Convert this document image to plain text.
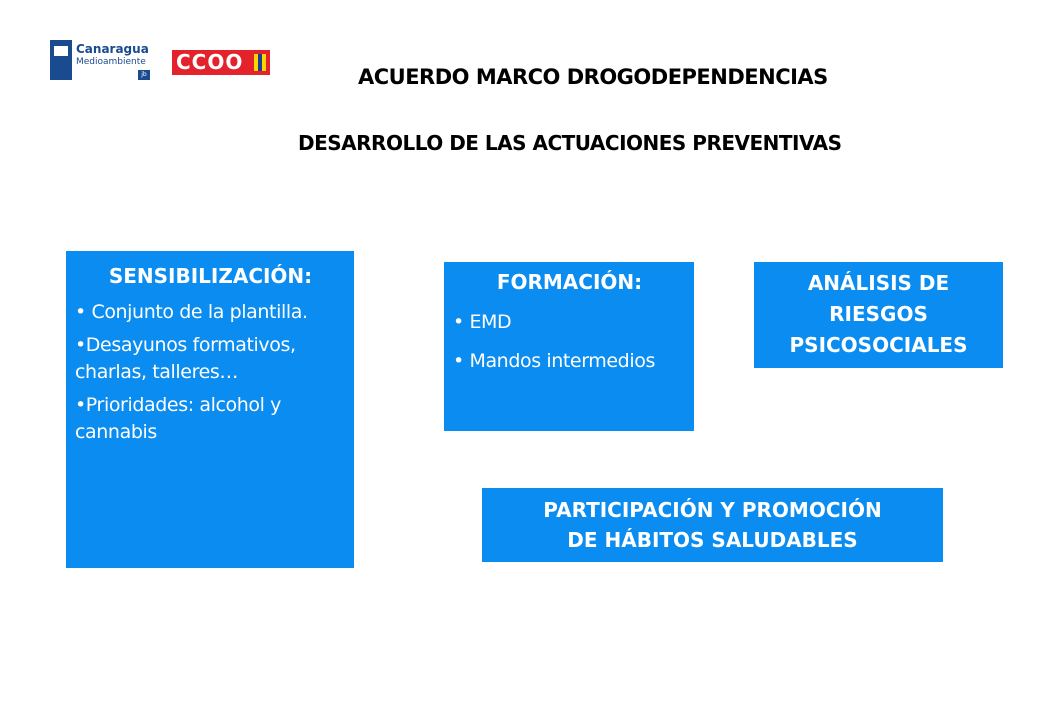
Canaragua
Medioambiente
jb
CCOO
ACUERDO MARCO DROGODEPENDENCIAS
DESARROLLO DE LAS ACTUACIONES PREVENTIVAS
SENSIBILIZACIÓN:
• Conjunto de la plantilla.
•Desayunos formativos, charlas, talleres…
•Prioridades: alcohol y cannabis
FORMACIÓN:
• EMD
• Mandos intermedios
ANÁLISIS DE
RIESGOS
PSICOSOCIALES
PARTICIPACIÓN Y PROMOCIÓN
DE HÁBITOS SALUDABLES
